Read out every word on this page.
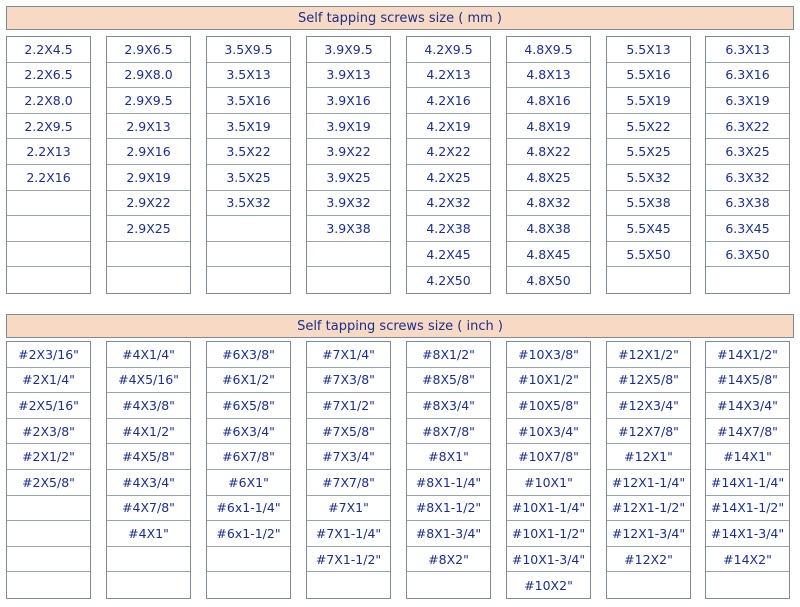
Self tapping screws size ( mm )
2.2X4.5
2.2X6.5
2.2X8.0
2.2X9.5
2.2X13
2.2X16
2.9X6.5
2.9X8.0
2.9X9.5
2.9X13
2.9X16
2.9X19
2.9X22
2.9X25
3.5X9.5
3.5X13
3.5X16
3.5X19
3.5X22
3.5X25
3.5X32
3.9X9.5
3.9X13
3.9X16
3.9X19
3.9X22
3.9X25
3.9X32
3.9X38
4.2X9.5
4.2X13
4.2X16
4.2X19
4.2X22
4.2X25
4.2X32
4.2X38
4.2X45
4.2X50
4.8X9.5
4.8X13
4.8X16
4.8X19
4.8X22
4.8X25
4.8X32
4.8X38
4.8X45
4.8X50
5.5X13
5.5X16
5.5X19
5.5X22
5.5X25
5.5X32
5.5X38
5.5X45
5.5X50
6.3X13
6.3X16
6.3X19
6.3X22
6.3X25
6.3X32
6.3X38
6.3X45
6.3X50
Self tapping screws size ( inch )
#2X3/16"
#2X1/4"
#2X5/16"
#2X3/8"
#2X1/2"
#2X5/8"
#4X1/4"
#4X5/16"
#4X3/8"
#4X1/2"
#4X5/8"
#4X3/4"
#4X7/8"
#4X1"
#6X3/8"
#6X1/2"
#6X5/8"
#6X3/4"
#6X7/8"
#6X1"
#6x1-1/4"
#6x1-1/2"
#7X1/4"
#7X3/8"
#7X1/2"
#7X5/8"
#7X3/4"
#7X7/8"
#7X1"
#7X1-1/4"
#7X1-1/2"
#8X1/2"
#8X5/8"
#8X3/4"
#8X7/8"
#8X1"
#8X1-1/4"
#8X1-1/2"
#8X1-3/4"
#8X2"
#10X3/8"
#10X1/2"
#10X5/8"
#10X3/4"
#10X7/8"
#10X1"
#10X1-1/4"
#10X1-1/2"
#10X1-3/4"
#10X2"
#12X1/2"
#12X5/8"
#12X3/4"
#12X7/8"
#12X1"
#12X1-1/4"
#12X1-1/2"
#12X1-3/4"
#12X2"
#14X1/2"
#14X5/8"
#14X3/4"
#14X7/8"
#14X1"
#14X1-1/4"
#14X1-1/2"
#14X1-3/4"
#14X2"
